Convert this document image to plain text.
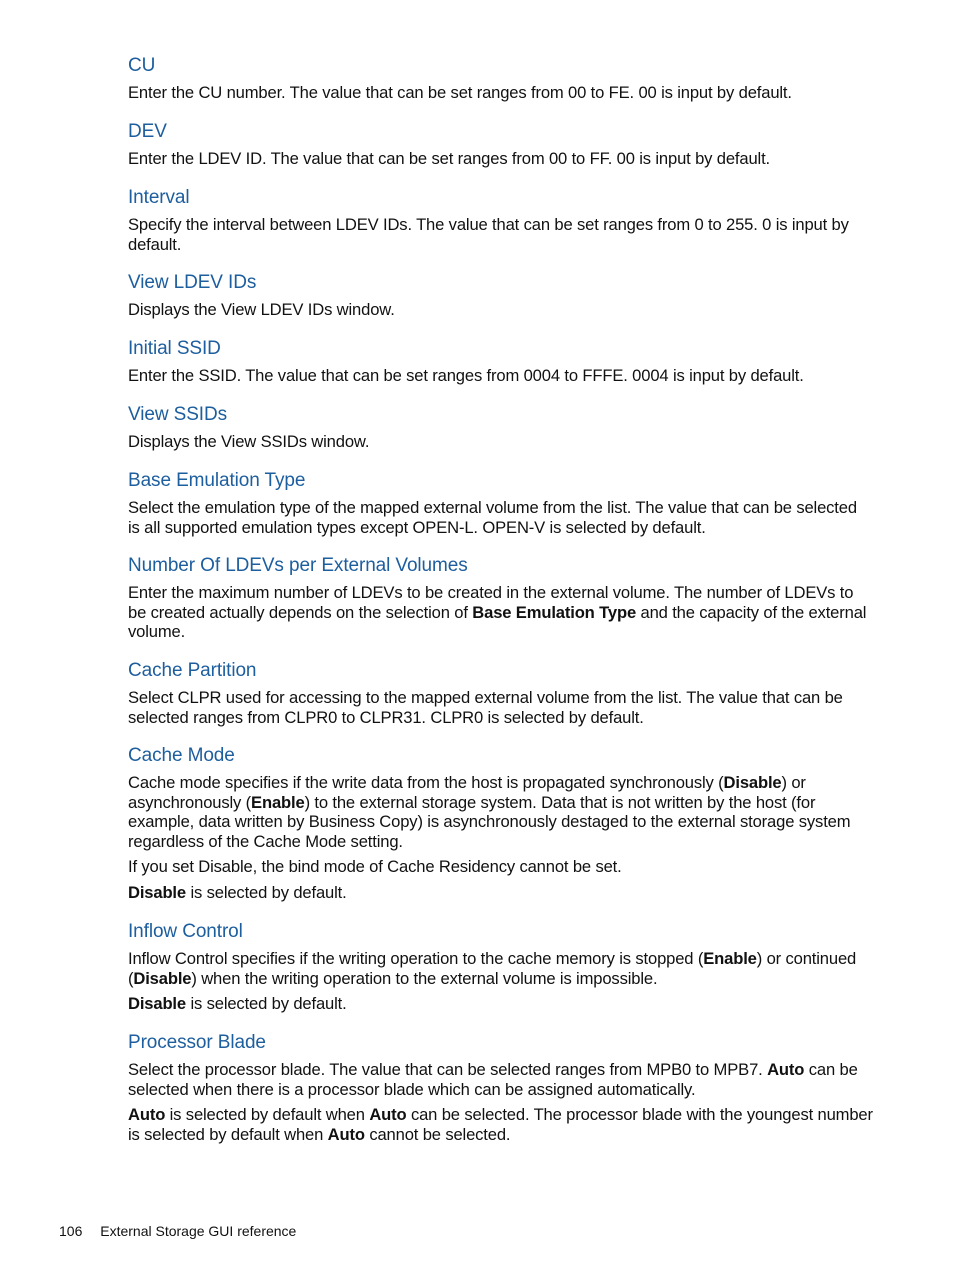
CU

Enter the CU number. The value that can be set ranges from 00 to FE. 00 is input by default.

DEV

Enter the LDEV ID. The value that can be set ranges from 00 to FF. 00 is input by default.

Interval

Specify the interval between LDEV IDs. The value that can be set ranges from 0 to 255. 0 is input by default.

View LDEV IDs

Displays the View LDEV IDs window.

Initial SSID

Enter the SSID. The value that can be set ranges from 0004 to FFFE. 0004 is input by default.

View SSIDs

Displays the View SSIDs window.

Base Emulation Type

Select the emulation type of the mapped external volume from the list. The value that can be selected is all supported emulation types except OPEN-L. OPEN-V is selected by default.

Number Of LDEVs per External Volumes

Enter the maximum number of LDEVs to be created in the external volume. The number of LDEVs to be created actually depends on the selection of Base Emulation Type and the capacity of the external volume.

Cache Partition

Select CLPR used for accessing to the mapped external volume from the list. The value that can be selected ranges from CLPR0 to CLPR31. CLPR0 is selected by default.

Cache Mode

Cache mode specifies if the write data from the host is propagated synchronously (Disable) or asynchronously (Enable) to the external storage system. Data that is not written by the host (for example, data written by Business Copy) is asynchronously destaged to the external storage system regardless of the Cache Mode setting.

If you set Disable, the bind mode of Cache Residency cannot be set.

Disable is selected by default.

Inflow Control

Inflow Control specifies if the writing operation to the cache memory is stopped (Enable) or continued (Disable) when the writing operation to the external volume is impossible.

Disable is selected by default.

Processor Blade

Select the processor blade. The value that can be selected ranges from MPB0 to MPB7. Auto can be selected when there is a processor blade which can be assigned automatically.

Auto is selected by default when Auto can be selected. The processor blade with the youngest number is selected by default when Auto cannot be selected.

106 External Storage GUI reference
